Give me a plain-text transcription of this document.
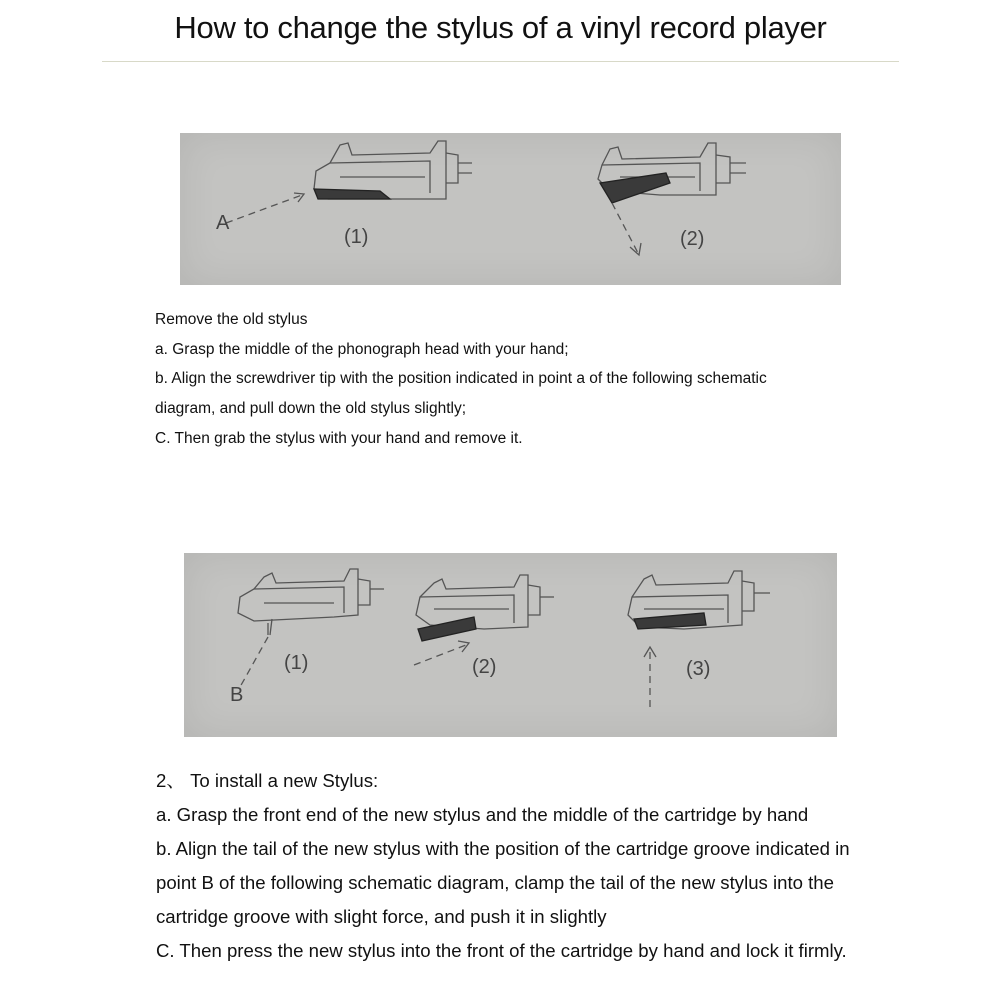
How to change the stylus of a vinyl record player
A
(1)	(2)
Remove the old stylus
a. Grasp the middle of the phonograph head with your hand;
b. Align the screwdriver tip with the position indicated in point a of the following schematic
diagram, and pull down the old stylus slightly;
C. Then grab the stylus with your hand and remove it.
B
(1)	(2)	(3)
2、 To install a new Stylus:
a. Grasp the front end of the new stylus and the middle of the cartridge by hand
b. Align the tail of the new stylus with the position of the cartridge groove indicated in
point B of the following schematic diagram, clamp the tail of the new stylus into the
cartridge groove with slight force, and push it in slightly
C. Then press the new stylus into the front of the cartridge by hand and lock it firmly.
